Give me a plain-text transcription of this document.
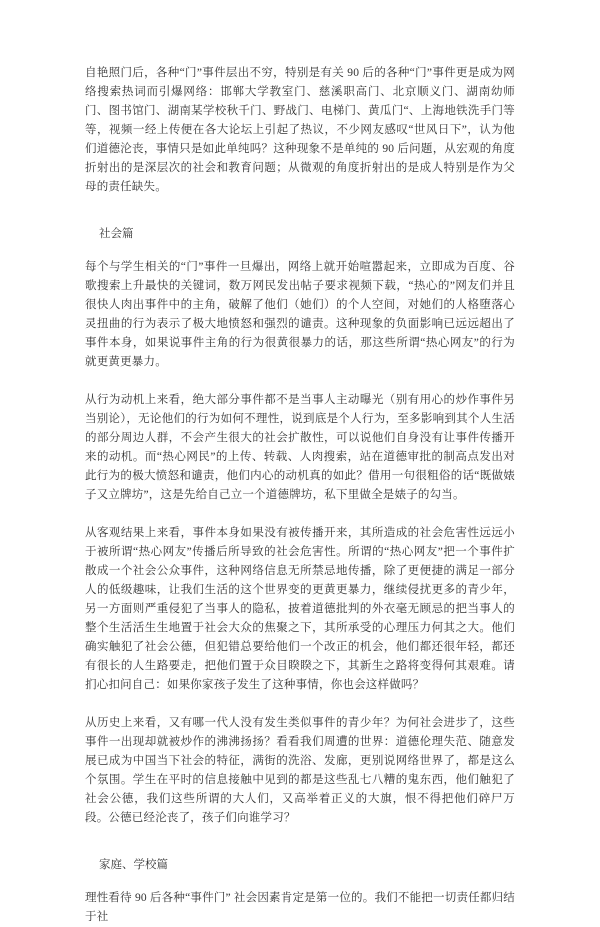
自艳照门后，各种“门”事件层出不穷，特别是有关 90 后的各种“门”事件更是成为网络搜索热词而引爆网络：邯郸大学教室门、慈溪职高门、北京顺义门、湖南幼师门、图书馆门、湖南某学校秋千门、野战门、电梯门、黄瓜门“、上海地铁洗手门等等，视频一经上传便在各大论坛上引起了热议，不少网友感叹“世风日下”，认为他们道德沦丧，事情只是如此单纯吗？这种现象不是单纯的 90 后问题，从宏观的角度折射出的是深层次的社会和教育问题；从微观的角度折射出的是成人特别是作为父母的责任缺失。

社会篇

每个与学生相关的“门”事件一旦爆出，网络上就开始喧嚣起来，立即成为百度、谷歌搜索上升最快的关键词，数万网民发出帖子要求视频下载，“热心的”网友们并且很快人肉出事件中的主角，破解了他们（她们）的个人空间，对她们的人格堕落心灵扭曲的行为表示了极大地愤怒和强烈的谴责。这种现象的负面影响已远远超出了事件本身，如果说事件主角的行为很黄很暴力的话，那这些所谓“热心网友”的行为就更黄更暴力。

从行为动机上来看，绝大部分事件都不是当事人主动曝光（别有用心的炒作事件另当别论），无论他们的行为如何不理性，说到底是个人行为，至多影响到其个人生活的部分周边人群，不会产生很大的社会扩散性，可以说他们自身没有让事件传播开来的动机。而“热心网民”的上传、转载、人肉搜索，站在道德审批的制高点发出对此行为的极大愤怒和谴责，他们内心的动机真的如此？借用一句很粗俗的话“既做婊子又立牌坊”，这是先给自己立一个道德牌坊，私下里做全是婊子的勾当。

从客观结果上来看，事件本身如果没有被传播开来，其所造成的社会危害性远远小于被所谓“热心网友”传播后所导致的社会危害性。所谓的“热心网友”把一个事件扩散成一个社会公众事件，这种网络信息无所禁忌地传播，除了更便捷的满足一部分人的低级趣味，让我们生活的这个世界变的更黄更暴力，继续侵扰更多的青少年，另一方面则严重侵犯了当事人的隐私，披着道德批判的外衣毫无顾忌的把当事人的整个生活活生生地置于社会大众的焦聚之下，其所承受的心理压力何其之大。他们确实触犯了社会公德，但犯错总要给他们一个改正的机会，他们都还很年轻，都还有很长的人生路要走，把他们置于众目睽睽之下，其新生之路将变得何其艰难。请扪心扣问自己：如果你家孩子发生了这种事情，你也会这样做吗？

从历史上来看，又有哪一代人没有发生类似事件的青少年？为何社会进步了，这些事件一出现却就被炒作的沸沸扬扬？看看我们周遭的世界：道德伦理失范、随意发展已成为中国当下社会的特征，满街的洗浴、发廊，更别说网络世界了，都是这么个氛围。学生在平时的信息接触中见到的都是这些乱七八糟的鬼东西，他们触犯了社会公德，我们这些所谓的大人们，又高举着正义的大旗，恨不得把他们碎尸万段。公德已经沦丧了，孩子们向谁学习？

家庭、学校篇

理性看待 90 后各种“事件门” 社会因素肯定是第一位的。我们不能把一切责任都归结于社
